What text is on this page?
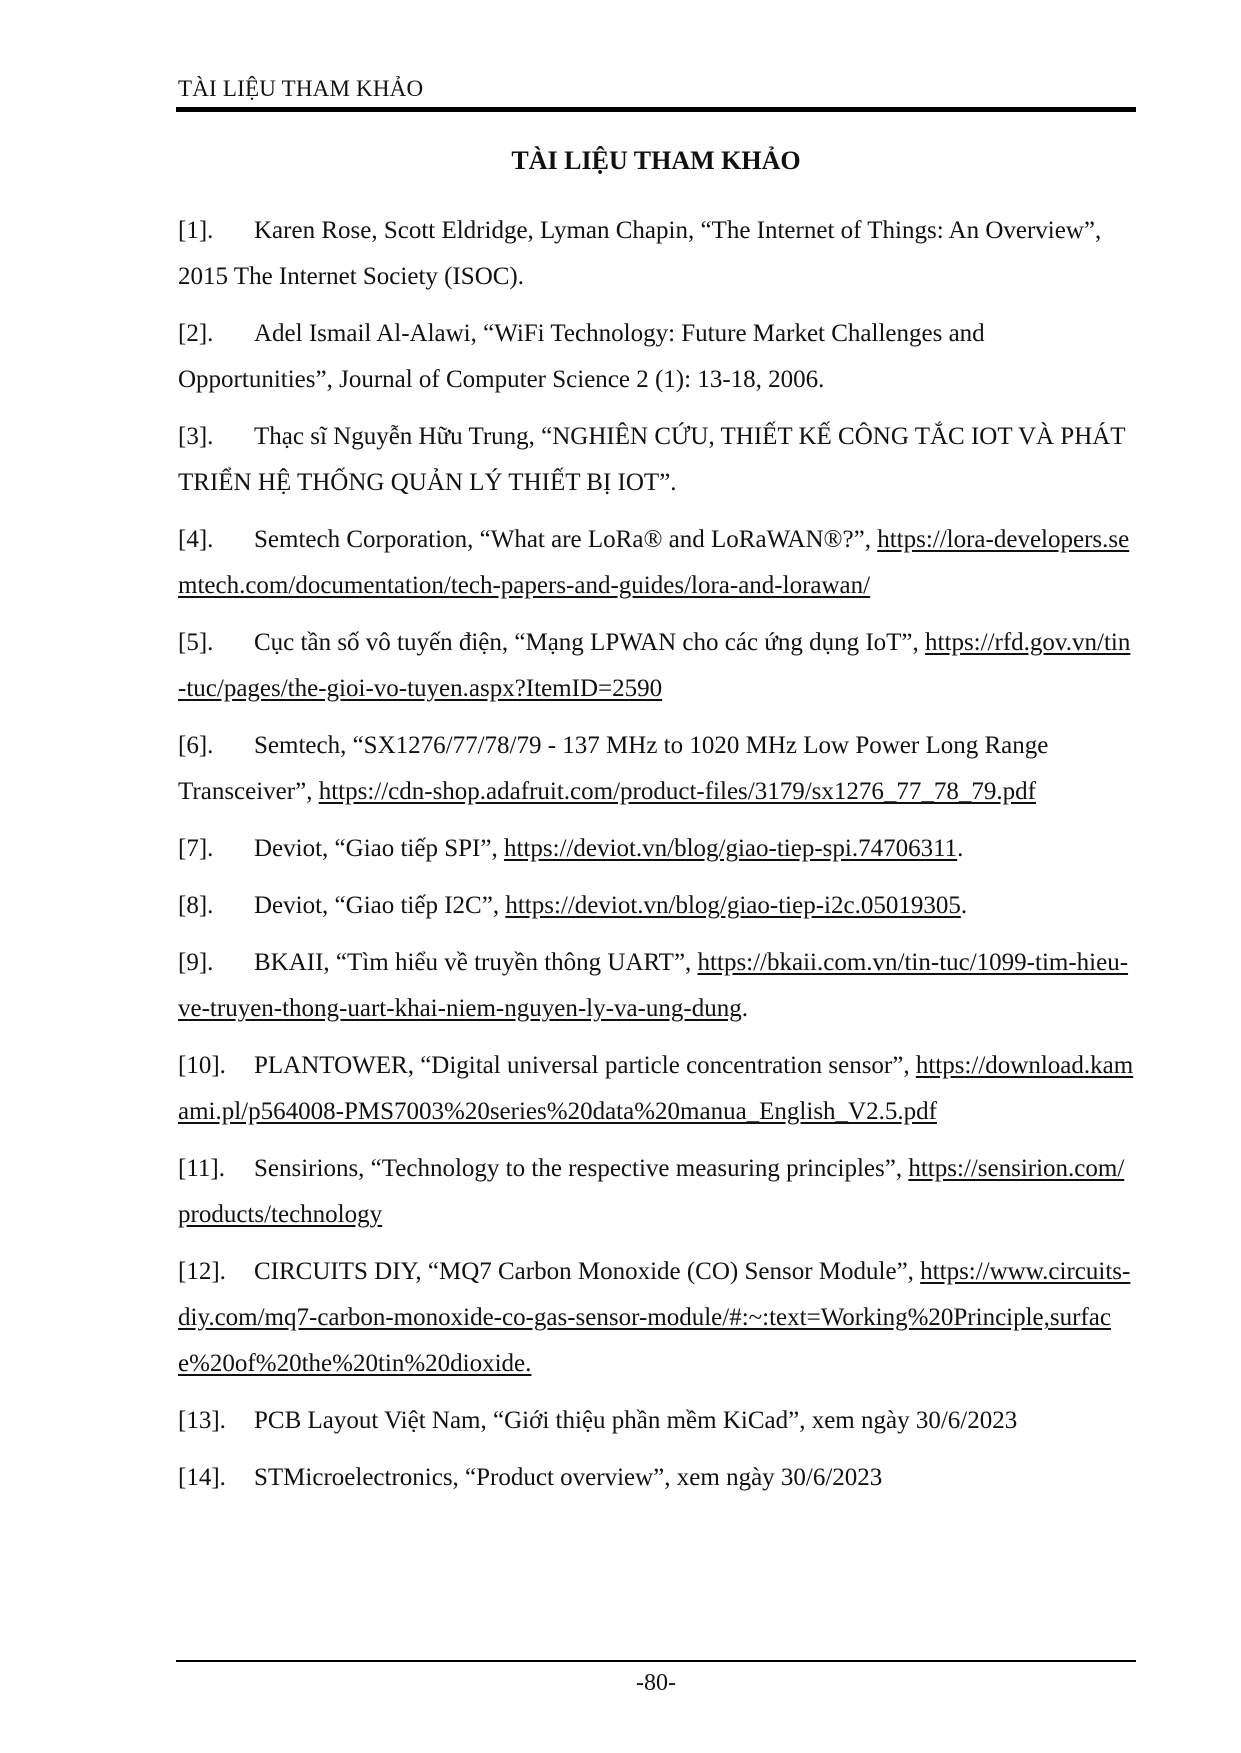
TÀI LIỆU THAM KHẢO
TÀI LIỆU THAM KHẢO
[1]. Karen Rose, Scott Eldridge, Lyman Chapin, “The Internet of Things: An Overview”, 2015 The Internet Society (ISOC).
[2]. Adel Ismail Al-Alawi, “WiFi Technology: Future Market Challenges and Opportunities”, Journal of Computer Science 2 (1): 13-18, 2006.
[3]. Thạc sĩ Nguyễn Hữu Trung, “NGHIÊN CỨU, THIẾT KẾ CÔNG TẮC IOT VÀ PHÁT TRIỂN HỆ THỐNG QUẢN LÝ THIẾT BỊ IOT”.
[4]. Semtech Corporation, “What are LoRa® and LoRaWAN®?”, https://lora-developers.semtech.com/documentation/tech-papers-and-guides/lora-and-lorawan/
[5]. Cục tần số vô tuyến điện, “Mạng LPWAN cho các ứng dụng IoT”, https://rfd.gov.vn/tin-tuc/pages/the-gioi-vo-tuyen.aspx?ItemID=2590
[6]. Semtech, “SX1276/77/78/79 - 137 MHz to 1020 MHz Low Power Long Range Transceiver”, https://cdn-shop.adafruit.com/product-files/3179/sx1276_77_78_79.pdf
[7]. Deviot, “Giao tiếp SPI”, https://deviot.vn/blog/giao-tiep-spi.74706311.
[8]. Deviot, “Giao tiếp I2C”, https://deviot.vn/blog/giao-tiep-i2c.05019305.
[9]. BKAII, “Tìm hiểu về truyền thông UART”, https://bkaii.com.vn/tin-tuc/1099-tim-hieu-ve-truyen-thong-uart-khai-niem-nguyen-ly-va-ung-dung.
[10]. PLANTOWER, “Digital universal particle concentration sensor”, https://download.kamami.pl/p564008-PMS7003%20series%20data%20manua_English_V2.5.pdf
[11]. Sensirions, “Technology to the respective measuring principles”, https://sensirion.com/products/technology
[12]. CIRCUITS DIY, “MQ7 Carbon Monoxide (CO) Sensor Module”, https://www.circuits-diy.com/mq7-carbon-monoxide-co-gas-sensor-module/#:~:text=Working%20Principle,surface%20of%20the%20tin%20dioxide.
[13]. PCB Layout Việt Nam, “Giới thiệu phần mềm KiCad”, xem ngày 30/6/2023
[14]. STMicroelectronics, “Product overview”, xem ngày 30/6/2023
-80-
